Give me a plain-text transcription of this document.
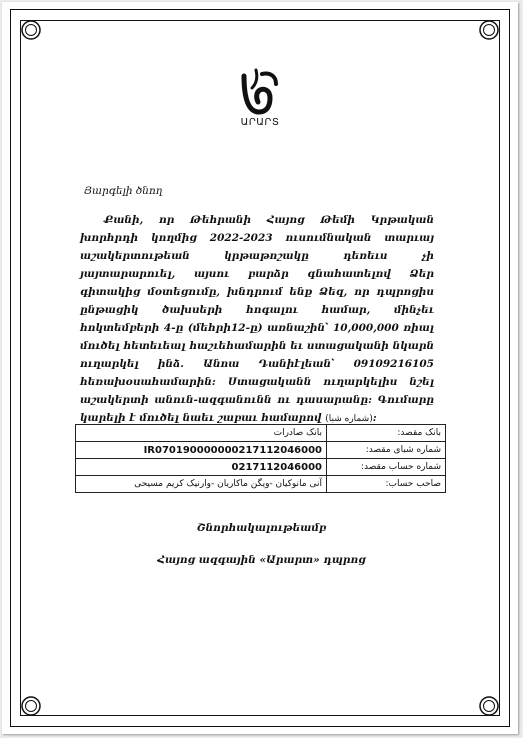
ԱՐԱՐՏ
Յարգելի ծնող
Քանի, որ Թեհրանի Հայոց Թեմի Կրթական խորհրդի կողմից 2022-2023 ուսումնական տարւայ աշակերտութեան կրթաթոշակը դեռեւս չի յայտարարուել, այսու բարձր գնահատելով Ձեր գիտակից մօտեցումը, խնդրում ենք Ձեզ, որ դպրոցիս ընթացիկ ծախսերի հոգալու համար, մինչեւ հոկտեմբերի 4-ը (մեհրի12-ը) առնաշին՝ 10,000,000 ռիալ մուծել հետեւեալ հաշւեհամարին եւ ստացականի նկարն ուղարկել ինձ. Անոա Դանիէլեան՝ 09109216105 հեռախօսահամարին: Ստացականն ուղարկելիս նշել աշակերտի անուն-ազգանունն ու դասարանը: Գումարը կարելի է մուծել նաեւ շաբաւ համարով (شماره شبا):
بانک صادرات	بانک مقصد:
IR070190000000217112046000	شماره شبای مقصد:
0217112046000	شماره حساب مقصد:
آنی مانوکیان -ویگن ماکاریان -وارنیک کریم مسیحی	صاحب حساب:
Շնորհակալութեամբ
Հայոց ազգային «Արարտ» դպրոց
